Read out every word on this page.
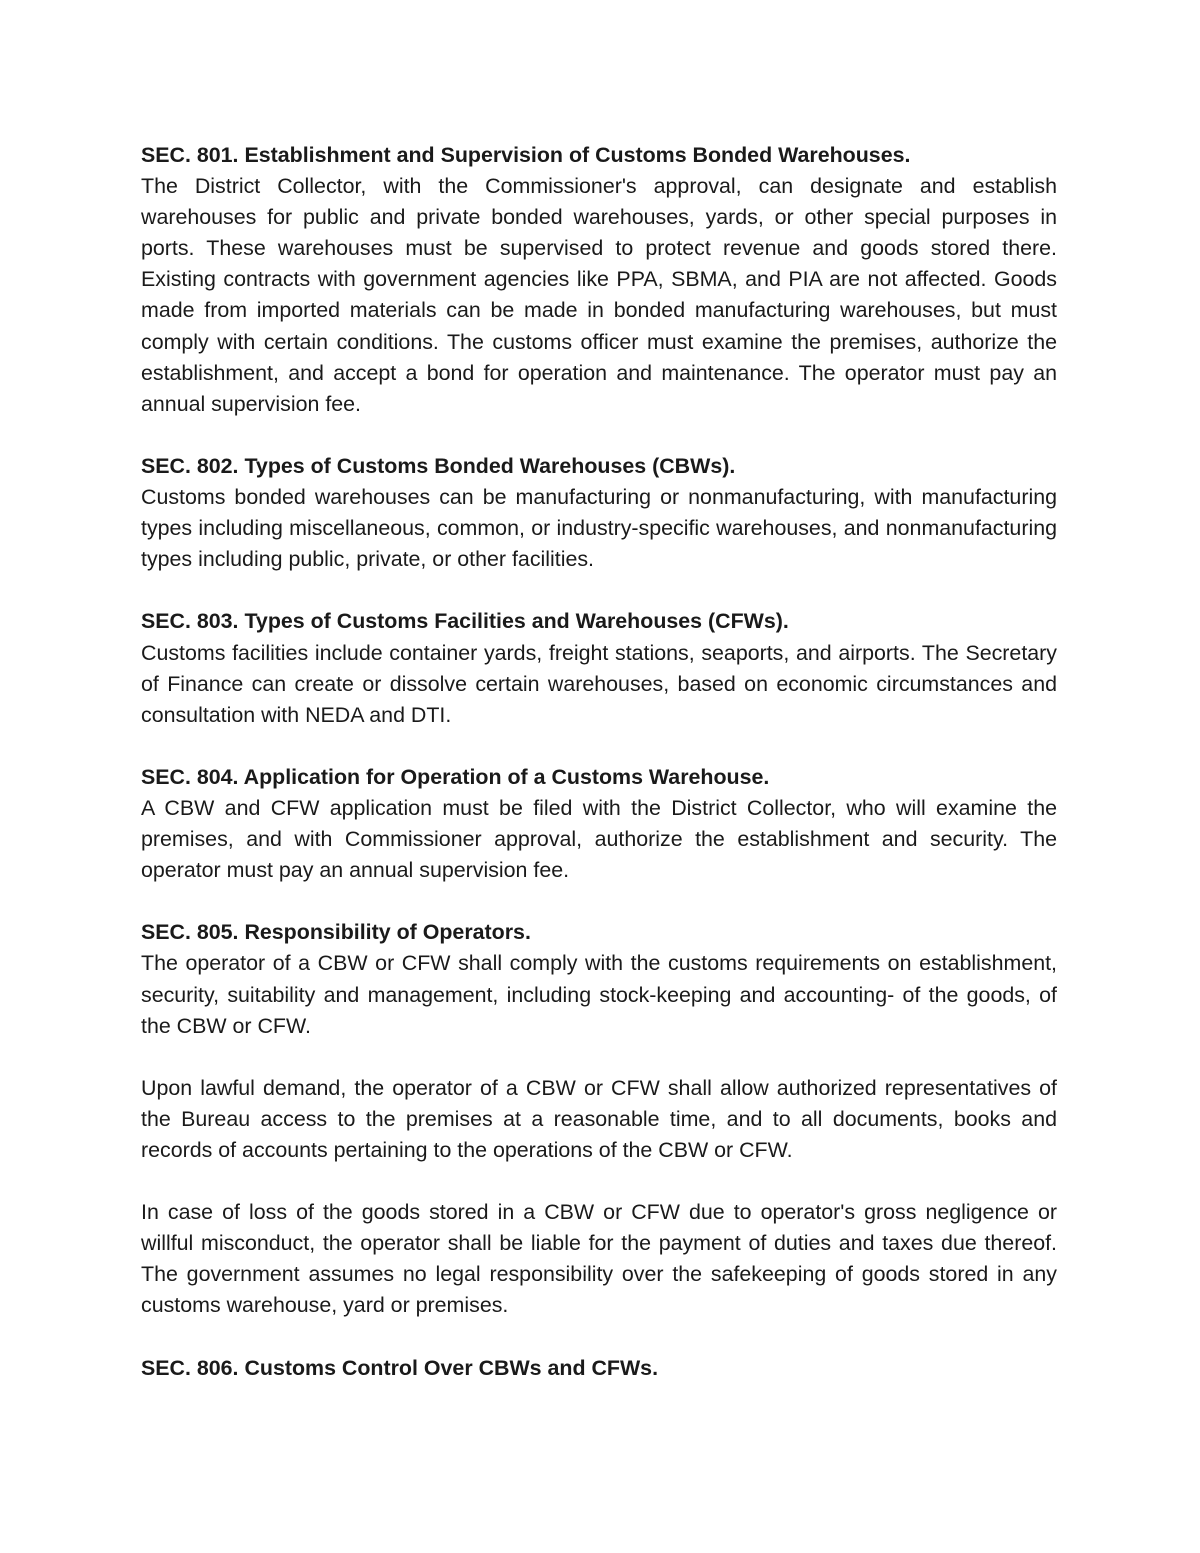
SEC. 801. Establishment and Supervision of Customs Bonded Warehouses.

The District Collector, with the Commissioner's approval, can designate and establish warehouses for public and private bonded warehouses, yards, or other special purposes in ports. These warehouses must be supervised to protect revenue and goods stored there. Existing contracts with government agencies like PPA, SBMA, and PIA are not affected. Goods made from imported materials can be made in bonded manufacturing warehouses, but must comply with certain conditions. The customs officer must examine the premises, authorize the establishment, and accept a bond for operation and maintenance. The operator must pay an annual supervision fee.

SEC. 802. Types of Customs Bonded Warehouses (CBWs).

Customs bonded warehouses can be manufacturing or nonmanufacturing, with manufacturing types including miscellaneous, common, or industry-specific warehouses, and nonmanufacturing types including public, private, or other facilities.

SEC. 803. Types of Customs Facilities and Warehouses (CFWs).

Customs facilities include container yards, freight stations, seaports, and airports. The Secretary of Finance can create or dissolve certain warehouses, based on economic circumstances and consultation with NEDA and DTI.

SEC. 804. Application for Operation of a Customs Warehouse.

A CBW and CFW application must be filed with the District Collector, who will examine the premises, and with Commissioner approval, authorize the establishment and security. The operator must pay an annual supervision fee.

SEC. 805. Responsibility of Operators.

The operator of a CBW or CFW shall comply with the customs requirements on establishment, security, suitability and management, including stock-keeping and accounting- of the goods, of the CBW or CFW.

Upon lawful demand, the operator of a CBW or CFW shall allow authorized representatives of the Bureau access to the premises at a reasonable time, and to all documents, books and records of accounts pertaining to the operations of the CBW or CFW.

In case of loss of the goods stored in a CBW or CFW due to operator's gross negligence or willful misconduct, the operator shall be liable for the payment of duties and taxes due thereof. The government assumes no legal responsibility over the safekeeping of goods stored in any customs warehouse, yard or premises.

SEC. 806. Customs Control Over CBWs and CFWs.
